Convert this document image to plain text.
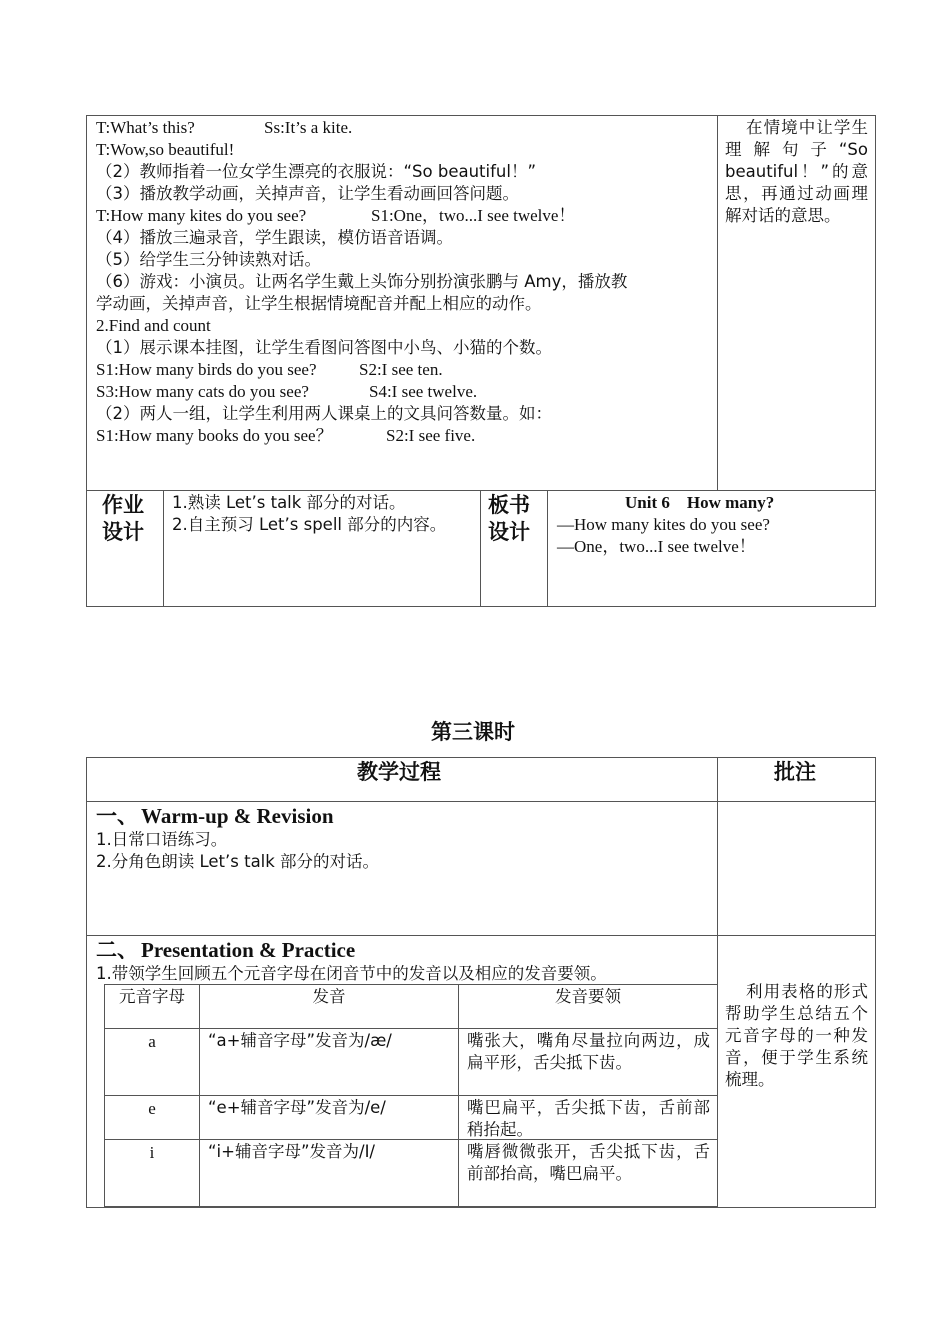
T:What’s this?	Ss:It’s a kite.
T:Wow,so beautiful!
（2）教师指着一位女学生漂亮的衣服说：“So beautiful！”
（3）播放教学动画，关掉声音，让学生看动画回答问题。
T:How many kites do you see?	S1:One，two...I see twelve！
（4）播放三遍录音，学生跟读，模仿语音语调。
（5）给学生三分钟读熟对话。
（6）游戏：小演员。让两名学生戴上头饰分别扮演张鹏与 Amy，播放教
学动画，关掉声音，让学生根据情境配音并配上相应的动作。
2.Find and count
（1）展示课本挂图，让学生看图问答图中小鸟、小猫的个数。
S1:How many birds do you see? S2:I see ten.
S3:How many cats do you see?	S4:I see twelve.
（2）两人一组，让学生利用两人课桌上的文具问答数量。如：
S1:How many books do you see？	S2:I see five.
在情境中让学生理解句子“So beautiful！”的意思，再通过动画理解对话的意思。
作业
设计
1.熟读 Let’s talk 部分的对话。
2.自主预习 Let’s spell 部分的内容。
板书
设计
Unit 6　How many?
—How many kites do you see?
—One，two...I see twelve！
第三课时
教学过程	批注
一、 Warm-up & Revision
1.日常口语练习。
2.分角色朗读 Let’s talk 部分的对话。
二、 Presentation & Practice
1.带领学生回顾五个元音字母在闭音节中的发音以及相应的发音要领。
利用表格的形式帮助学生总结五个元音字母的一种发音，便于学生系统梳理。
元音字母	发音	发音要领
a	“a+辅音字母”发音为/æ/	嘴张大，嘴角尽量拉向两边，成扁平形，舌尖抵下齿。
e	“e+辅音字母”发音为/e/	嘴巴扁平，舌尖抵下齿，舌前部稍抬起。
i	“i+辅音字母”发音为/I/	嘴唇微微张开，舌尖抵下齿，舌前部抬高，嘴巴扁平。
